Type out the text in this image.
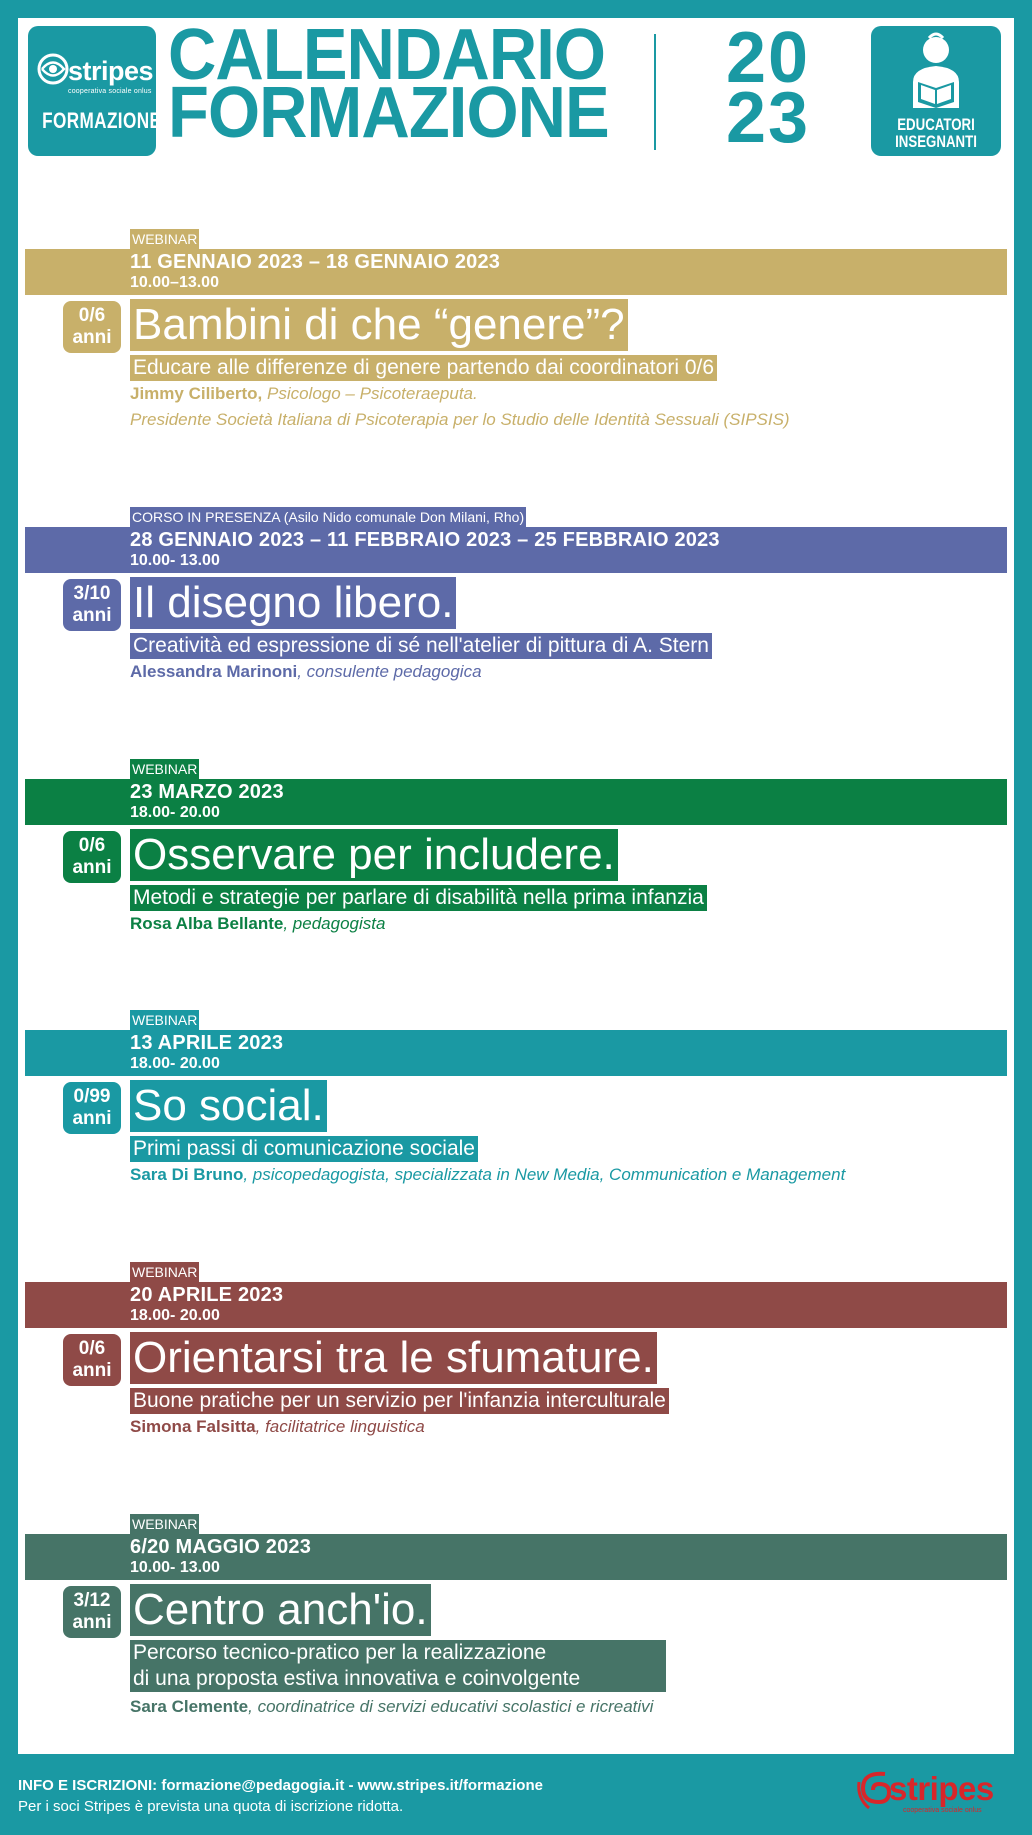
stripes
cooperativa sociale onlus
FORMAZIONE
CALENDARIO
FORMAZIONE
20
23	EDUCATORI
INSEGNANTI
WEBINAR
11 GENNAIO 2023 – 18 GENNAIO 2023
10.00–13.00
0/6
anni Bambini di che “genere”?
Educare alle differenze di genere partendo dai coordinatori 0/6
Jimmy Ciliberto, Psicologo – Psicoteraeputa.
Presidente Società Italiana di Psicoterapia per lo Studio delle Identità Sessuali (SIPSIS)
CORSO IN PRESENZA (Asilo Nido comunale Don Milani, Rho)
28 GENNAIO 2023 – 11 FEBBRAIO 2023 – 25 FEBBRAIO 2023
10.00- 13.00
3/10
anni Il disegno libero.
Creatività ed espressione di sé nell'atelier di pittura di A. Stern
Alessandra Marinoni, consulente pedagogica
WEBINAR
23 MARZO 2023
18.00- 20.00
0/6
anni Osservare per includere.
Metodi e strategie per parlare di disabilità nella prima infanzia
Rosa Alba Bellante, pedagogista
WEBINAR
13 APRILE 2023
18.00- 20.00
0/99
anni So social.
Primi passi di comunicazione sociale
Sara Di Bruno, psicopedagogista, specializzata in New Media, Communication e Management
WEBINAR
20 APRILE 2023
18.00- 20.00
0/6
anni Orientarsi tra le sfumature.
Buone pratiche per un servizio per l'infanzia interculturale
Simona Falsitta, facilitatrice linguistica
WEBINAR
6/20 MAGGIO 2023
10.00- 13.00
3/12
anni Centro anch'io.
Percorso tecnico-pratico per la realizzazione
di una proposta estiva innovativa e coinvolgente
Sara Clemente, coordinatrice di servizi educativi scolastici e ricreativi
INFO E ISCRIZIONI: formazione@pedagogia.it - www.stripes.it/formazione
Per i soci Stripes è prevista una quota di iscrizione ridotta.	stripes
cooperativa sociale onlus
